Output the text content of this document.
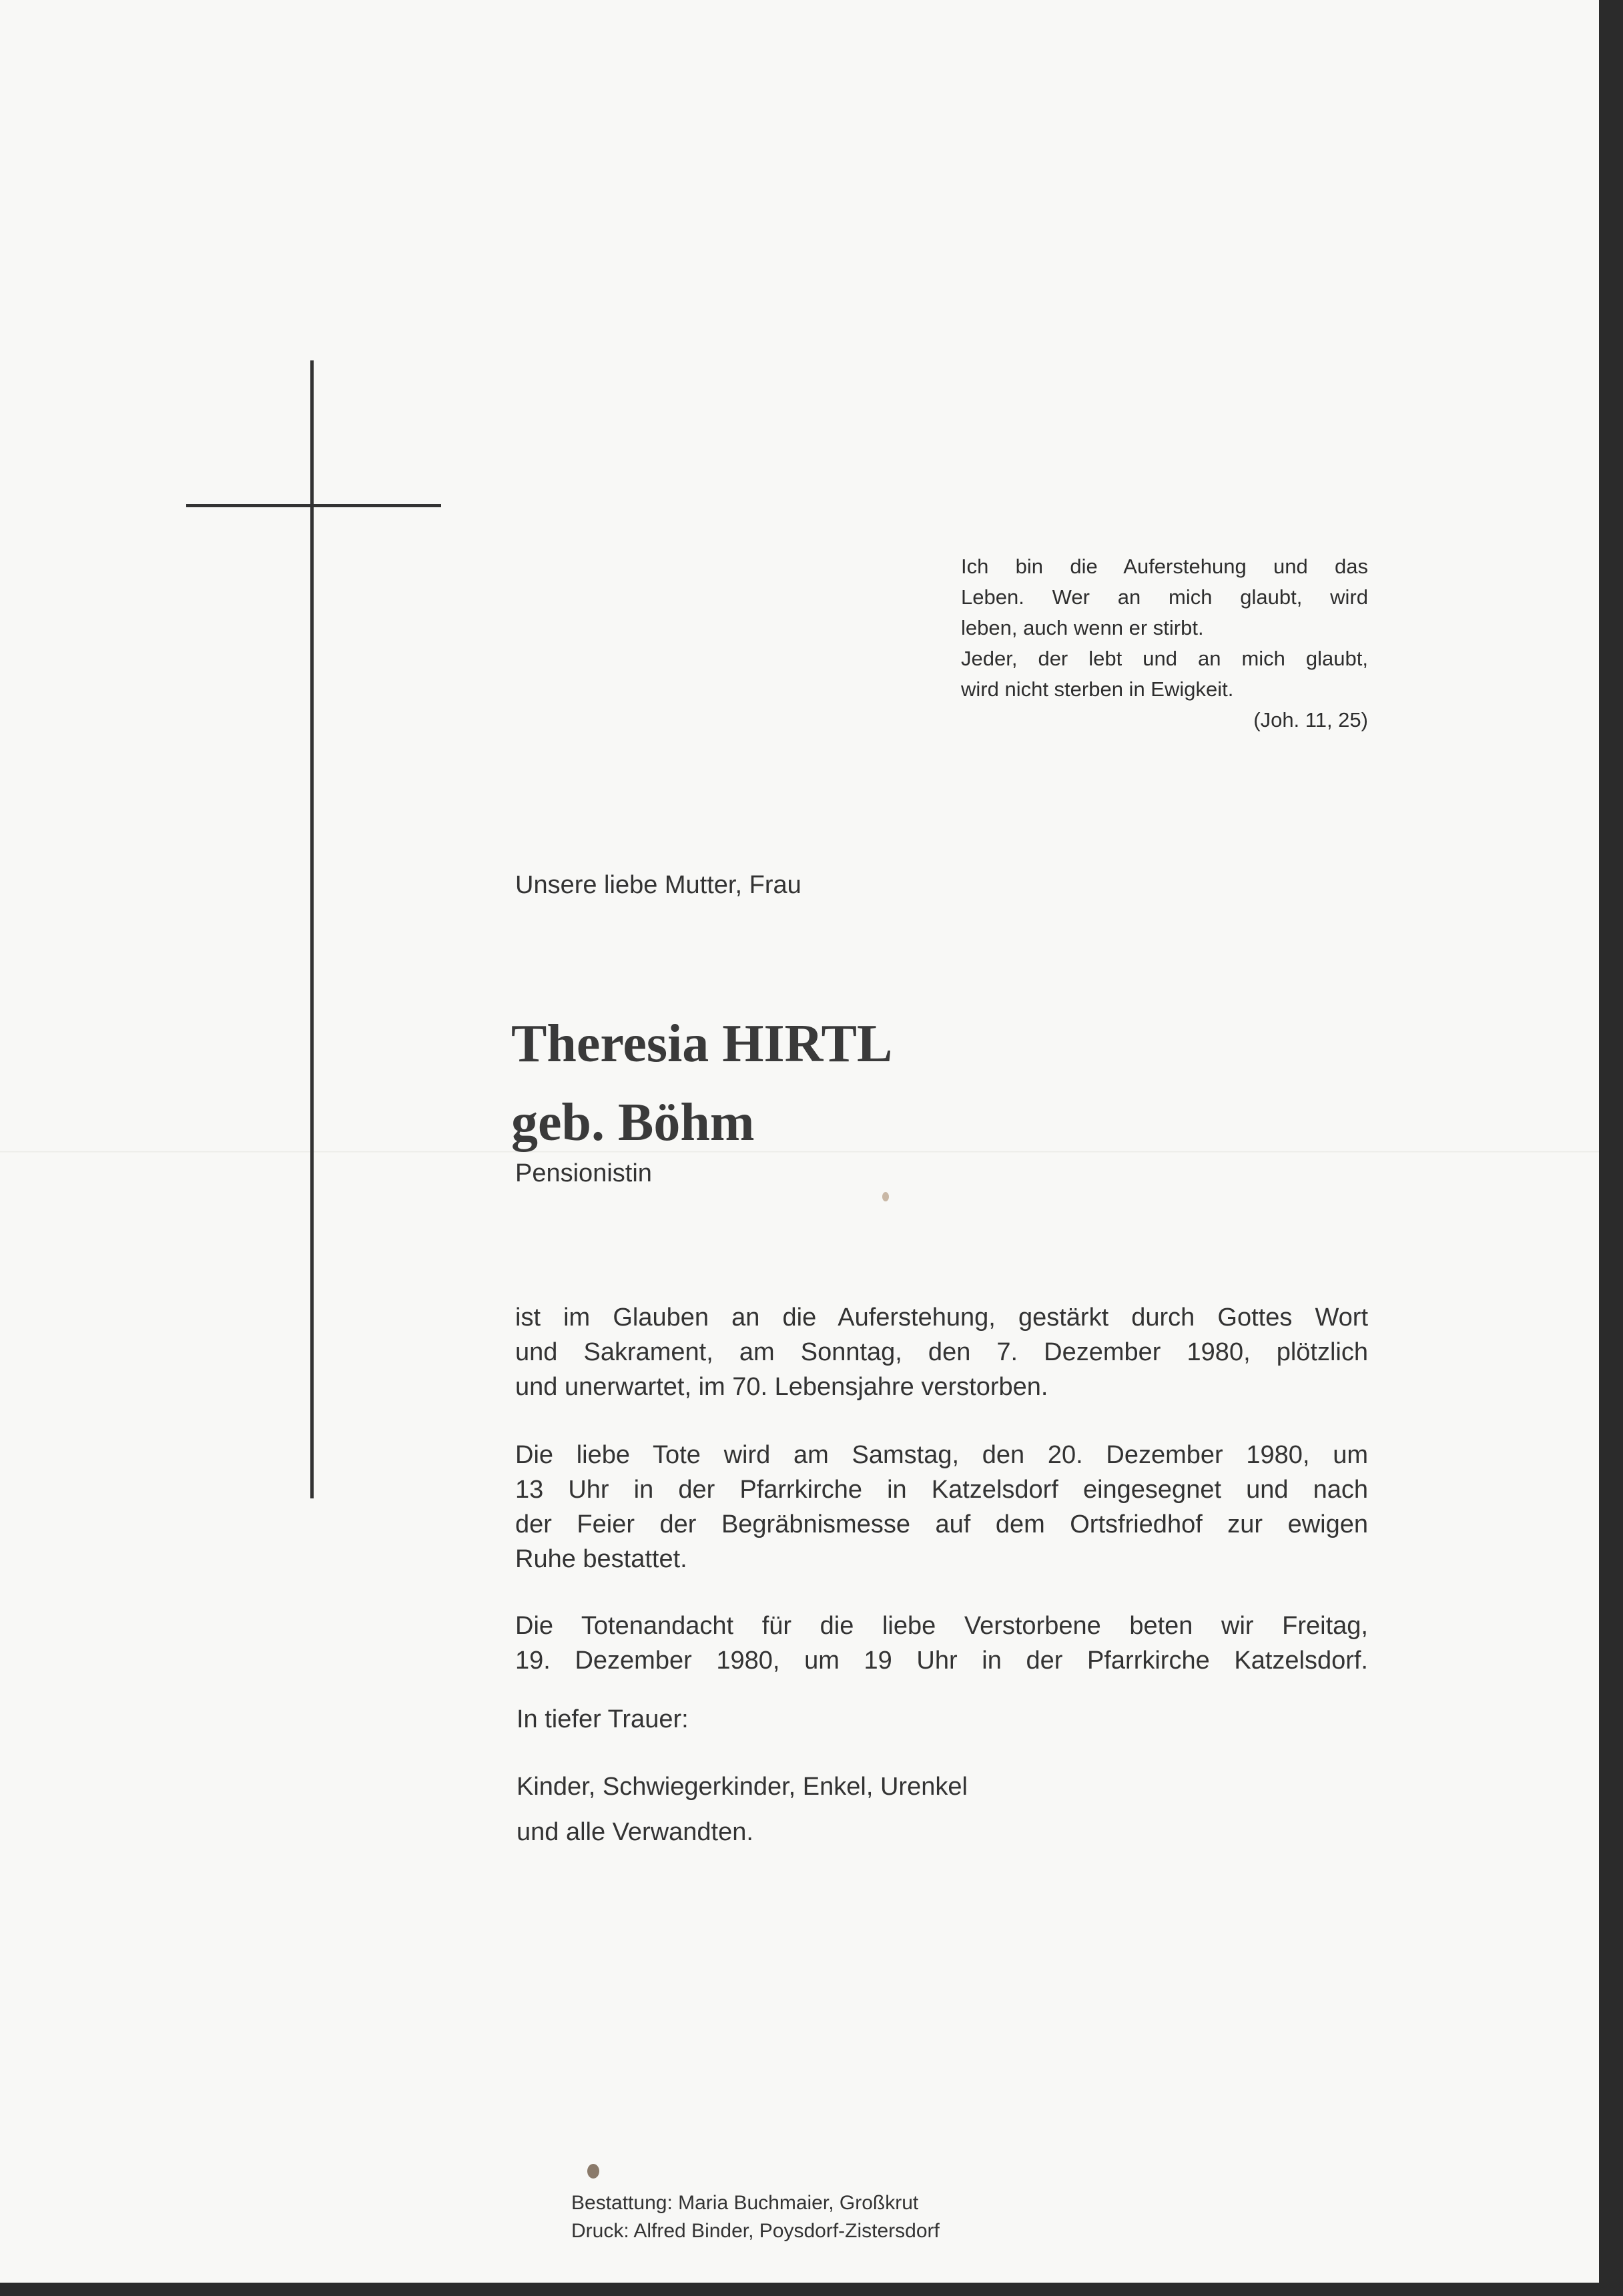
Ich bin die Auferstehung und das
Leben. Wer an mich glaubt, wird
leben, auch wenn er stirbt.
Jeder, der lebt und an mich glaubt,
wird nicht sterben in Ewigkeit.
(Joh. 11, 25)
Unsere liebe Mutter, Frau
Theresia HIRTL
geb. Böhm
Pensionistin
ist im Glauben an die Auferstehung, gestärkt durch Gottes Wort
und Sakrament, am Sonntag, den 7. Dezember 1980, plötzlich
und unerwartet, im 70. Lebensjahre verstorben.
Die liebe Tote wird am Samstag, den 20. Dezember 1980, um
13 Uhr in der Pfarrkirche in Katzelsdorf eingesegnet und nach
der Feier der Begräbnismesse auf dem Ortsfriedhof zur ewigen
Ruhe bestattet.
Die Totenandacht für die liebe Verstorbene beten wir Freitag,
19. Dezember 1980, um 19 Uhr in der Pfarrkirche Katzelsdorf.
In tiefer Trauer:
Kinder, Schwiegerkinder, Enkel, Urenkel
und alle Verwandten.
Bestattung: Maria Buchmaier, Großkrut
Druck: Alfred Binder, Poysdorf-Zistersdorf
